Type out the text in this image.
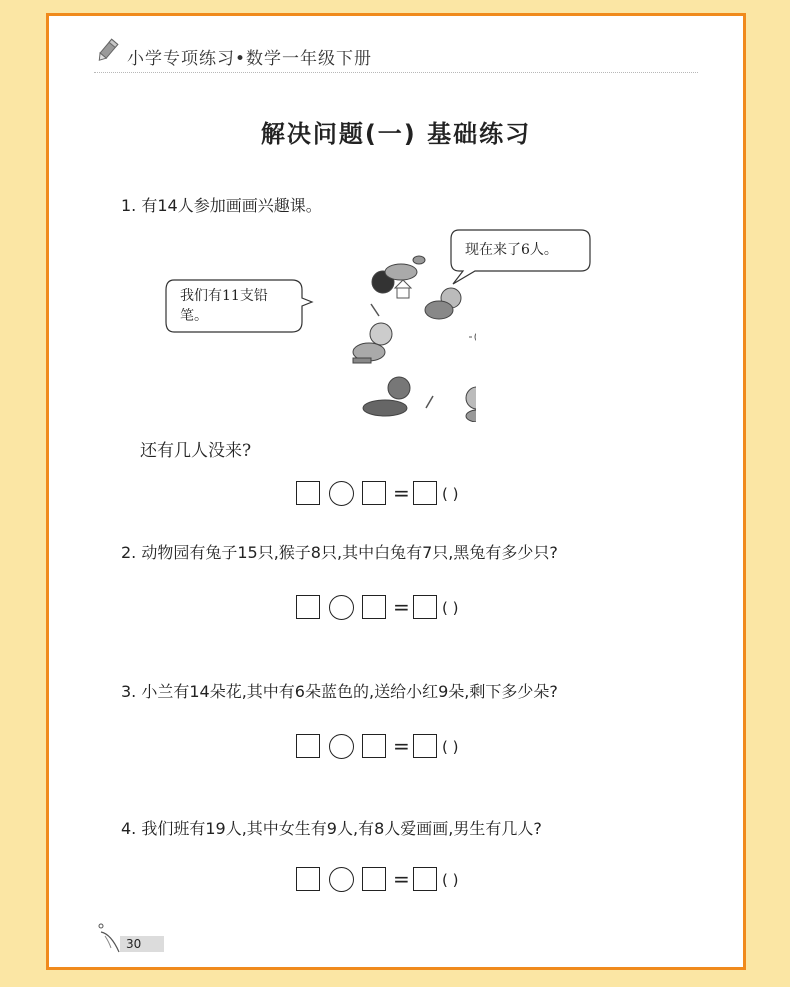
小学专项练习•数学一年级下册
解决问题(一) 基础练习
1. 有14人参加画画兴趣课。
我们有11支铅笔。
现在来了6人。
还有几人没来?
= ( )
2. 动物园有兔子15只,猴子8只,其中白兔有7只,黑兔有多少只?
= ( )
3. 小兰有14朵花,其中有6朵蓝色的,送给小红9朵,剩下多少朵?
= ( )
4. 我们班有19人,其中女生有9人,有8人爱画画,男生有几人?
= ( )
30
